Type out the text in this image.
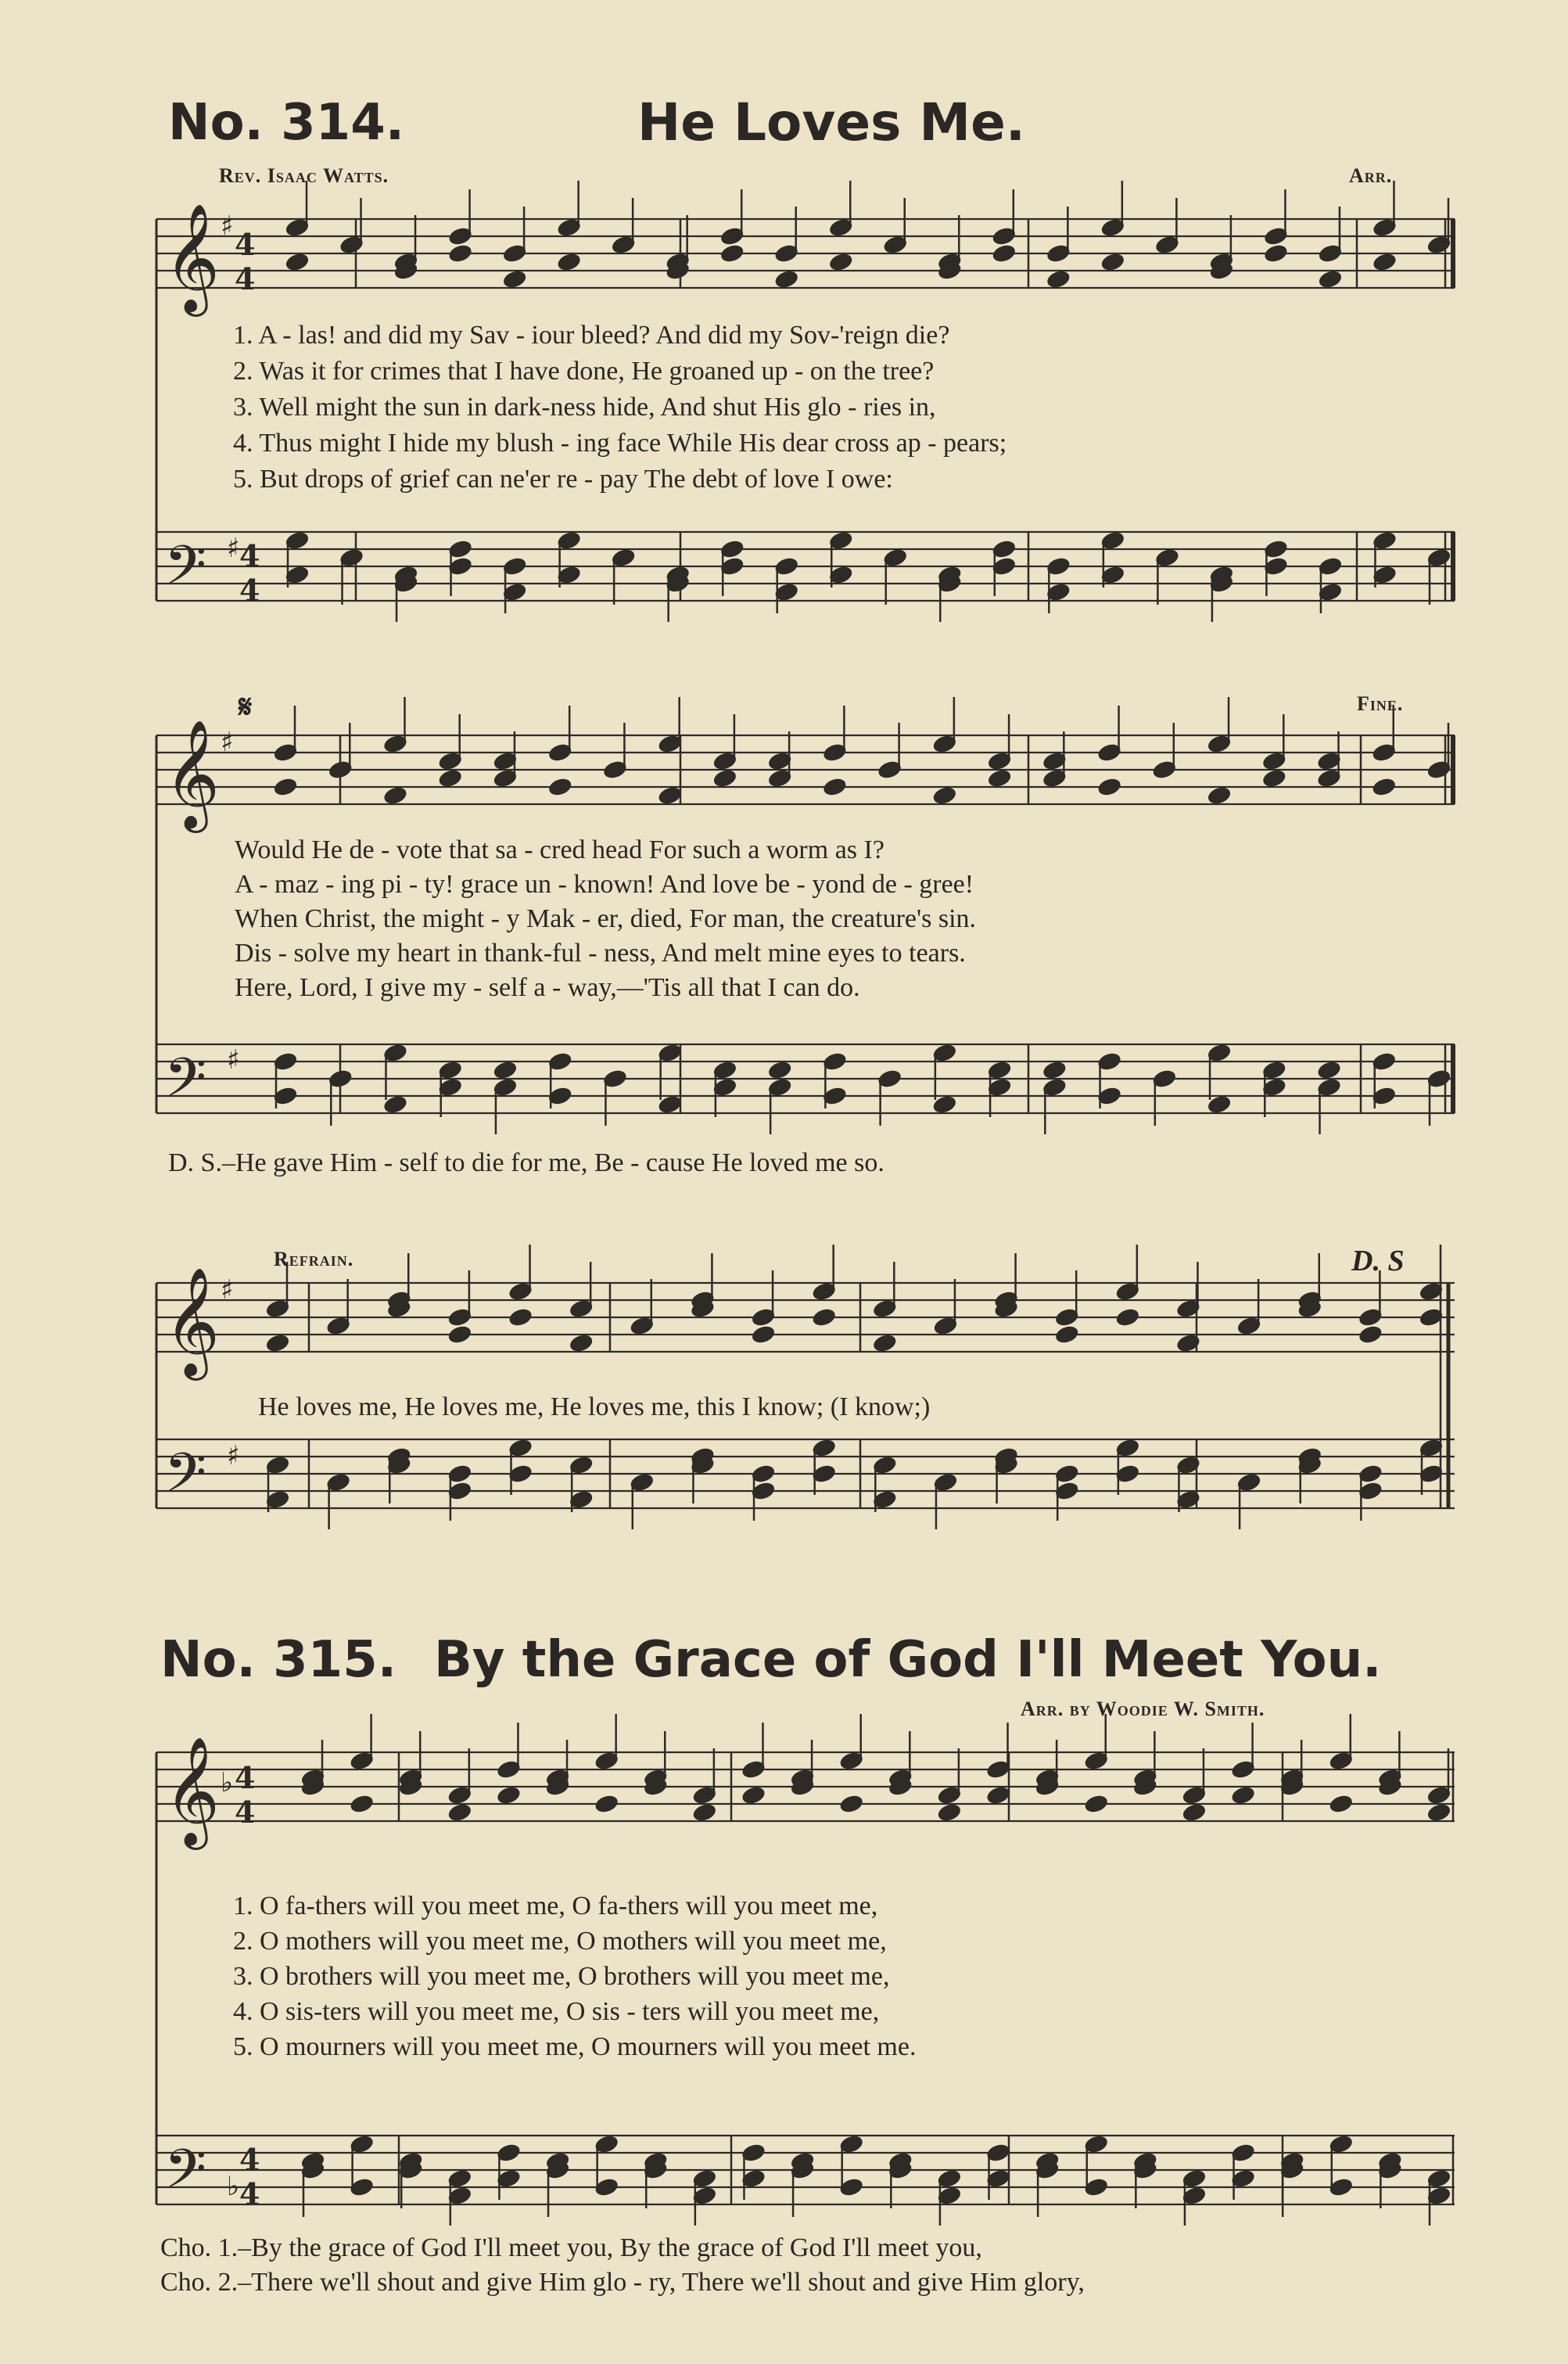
𝄞
𝄢
𝄞
𝄢
𝄞
𝄢
𝄞
𝄢
♯
4
4
♯ 4
4
♯
♯
♯
♯
♭ 4
4
♭
4
4
No. 314.	He Loves Me.
Rev. Isaac Watts.	Arr.
1. A - las! and did my Sav - iour bleed? And did my Sov-'reign die?
2. Was it for crimes that I have done, He groaned up - on the tree?
3. Well might the sun in dark-ness hide, And shut His glo - ries in,
4. Thus might I hide my blush - ing face While His dear cross ap - pears;
5. But drops of grief can ne'er re - pay The debt of love I owe:
𝄋	Fine.
Would He de - vote that sa - cred head For such a worm as I?
A - maz - ing pi - ty! grace un - known! And love be - yond de - gree!
When Christ, the might - y Mak - er, died, For man, the creature's sin.
Dis - solve my heart in thank-ful - ness, And melt mine eyes to tears.
Here, Lord, I give my - self a - way,—'Tis all that I can do.
D. S.–He gave Him - self to die for me, Be - cause He loved me so.
Refrain.	D. S
He loves me, He loves me, He loves me, this I know; (I know;)
No. 315. By the Grace of God I'll Meet You.
Arr. by Woodie W. Smith.
1. O fa-thers will you meet me, O fa-thers will you meet me,
2. O mothers will you meet me, O mothers will you meet me,
3. O brothers will you meet me, O brothers will you meet me,
4. O sis-ters will you meet me, O sis - ters will you meet me,
5. O mourners will you meet me, O mourners will you meet me.
Cho. 1.–By the grace of God I'll meet you, By the grace of God I'll meet you,
Cho. 2.–There we'll shout and give Him glo - ry, There we'll shout and give Him glory,
